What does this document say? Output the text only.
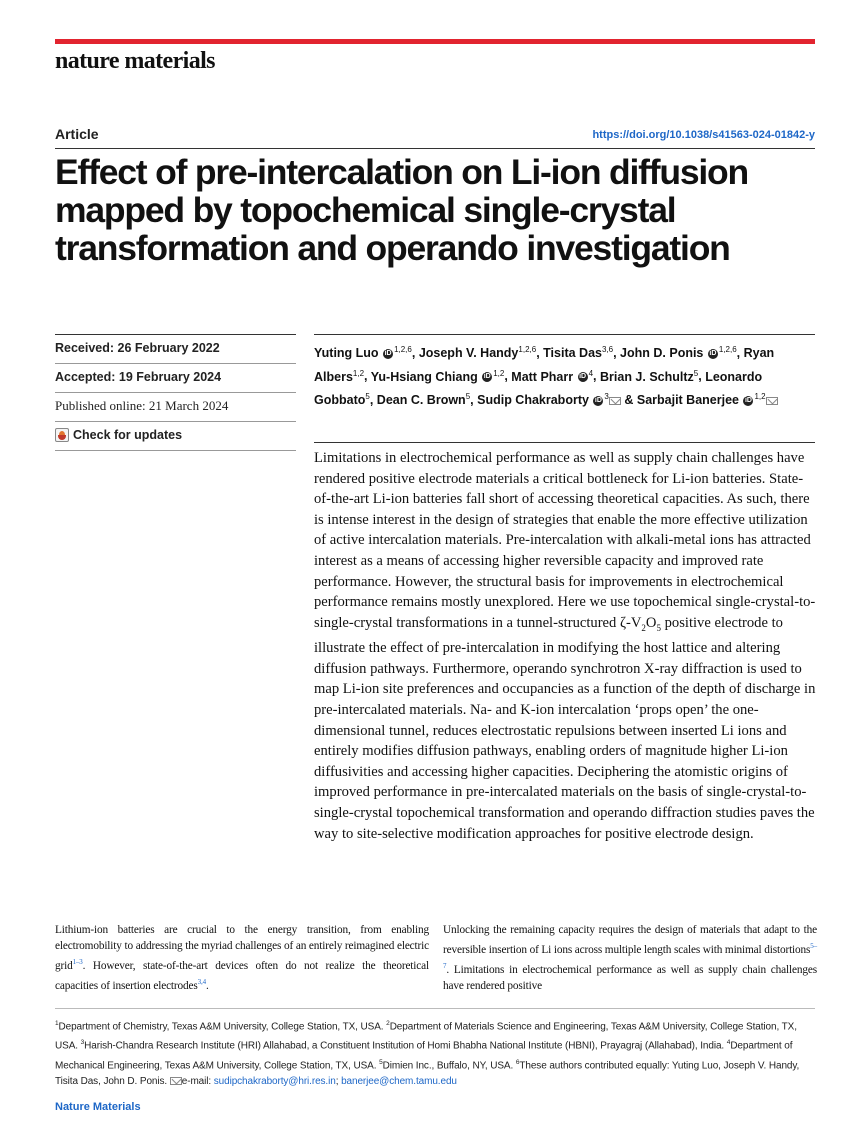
nature materials
Article	https://doi.org/10.1038/s41563-024-01842-y
Effect of pre-intercalation on Li-ion diffusion
mapped by topochemical single-crystal
transformation and operando investigation
Received: 26 February 2022
Accepted: 19 February 2024
Published online: 21 March 2024
Check for updates
Yuting Luo iD $^{1,2,6}$, Joseph V. Handy$^{1,2,6}$, Tisita Das$^{3,6}$, John D. Ponis iD $^{1,2,6}$, Ryan Albers$^{1,2}$, Yu-Hsiang Chiang iD $^{1,2}$, Matt Pharr iD $^4$, Brian J. Schultz$^5$, Leonardo Gobbato$^5$, Dean C. Brown$^5$, Sudip Chakraborty iD $^3$ & Sarbajit Banerjee iD $^{1,2}$
Limitations in electrochemical performance as well as supply chain challenges have rendered positive electrode materials a critical bottleneck for Li-ion batteries. State-of-the-art Li-ion batteries fall short of accessing theoretical capacities. As such, there is intense interest in the design of strategies that enable the more effective utilization of active intercalation materials. Pre-intercalation with alkali-metal ions has attracted interest as a means of accessing higher reversible capacity and improved rate performance. However, the structural basis for improvements in electrochemical performance remains mostly unexplored. Here we use topochemical single-crystal-to-single-crystal transformations in a tunnel-structured $\zeta-V_2O_5$ positive electrode to illustrate the effect of pre-intercalation in modifying the host lattice and altering diffusion pathways. Furthermore, operando synchrotron X-ray diffraction is used to map Li-ion site preferences and occupancies as a function of the depth of discharge in pre-intercalated materials. Na- and K-ion intercalation ‘props open’ the one-dimensional tunnel, reduces electrostatic repulsions between inserted Li ions and entirely modifies diffusion pathways, enabling orders of magnitude higher Li-ion diffusivities and accessing higher capacities. Deciphering the atomistic origins of improved performance in pre-intercalated materials on the basis of single-crystal-to-single-crystal topochemical transformation and operando diffraction studies paves the way to site-selective modification approaches for positive electrode design.
Lithium-ion batteries are crucial to the energy transition, from enabling electromobility to addressing the myriad challenges of an entirely reimagined electric grid$^{1-3}$. However, state-of-the-art devices often do not realize the theoretical capacities of insertion electrodes$^{3,4}$.
Unlocking the remaining capacity requires the design of materials that adapt to the reversible insertion of Li ions across multiple length scales with minimal distortions$^{5-7}$. Limitations in electrochemical performance as well as supply chain challenges have rendered positive
$^1$Department of Chemistry, Texas A&M University, College Station, TX, USA. $^2$Department of Materials Science and Engineering, Texas A&M University, College Station, TX, USA. $^3$Harish-Chandra Research Institute (HRI) Allahabad, a Constituent Institution of Homi Bhabha National Institute (HBNI), Prayagraj (Allahabad), India. $^4$Department of Mechanical Engineering, Texas A&M University, College Station, TX, USA. $^5$Dimien Inc., Buffalo, NY, USA. $^6$These authors contributed equally: Yuting Luo, Joseph V. Handy, Tisita Das, John D. Ponis. e-mail: sudipchakraborty@hri.res.in; banerjee@chem.tamu.edu
Nature Materials
